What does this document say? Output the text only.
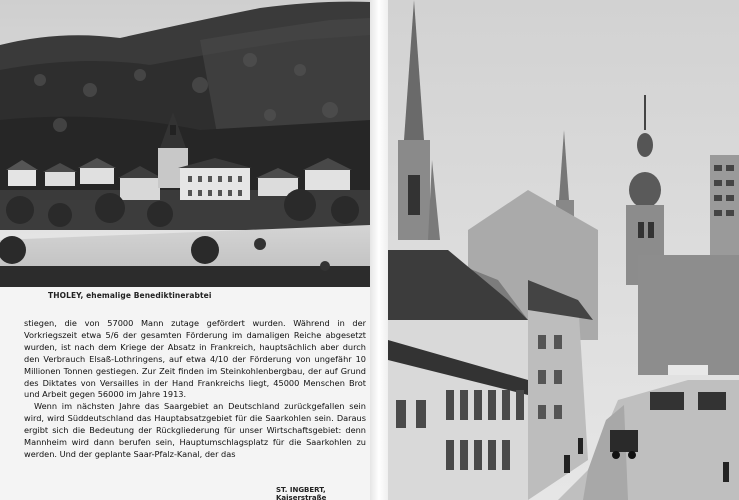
THOLEY, ehemalige Benediktinerabtei

stiegen, die von 57000 Mann zutage gefördert wurden. Während in der Vorkriegszeit etwa 5/6 der gesamten Förderung im damaligen Reiche abgesetzt wurden, ist nach dem Kriege der Absatz in Frankreich, hauptsächlich aber durch den Verbrauch Elsaß-Lothringens, auf etwa 4/10 der Förderung von ungefähr 10 Millionen Tonnen gestiegen. Zur Zeit finden im Steinkohlenbergbau, der auf Grund des Diktates von Versailles in der Hand Frankreichs liegt, 45000 Menschen Brot und Arbeit gegen 56000 im Jahre 1913.

Wenn im nächsten Jahre das Saargebiet an Deutschland zurückgefallen sein wird, wird Süddeutschland das Hauptabsatzgebiet für die Saarkohlen sein. Daraus ergibt sich die Bedeutung der Rückgliederung für unser Wirtschaftsgebiet: denn Mannheim wird dann berufen sein, Hauptumschlagsplatz für die Saarkohlen zu werden. Und der geplante Saar-Pfalz-Kanal, der das

ST. INGBERT, Kaiserstraße
